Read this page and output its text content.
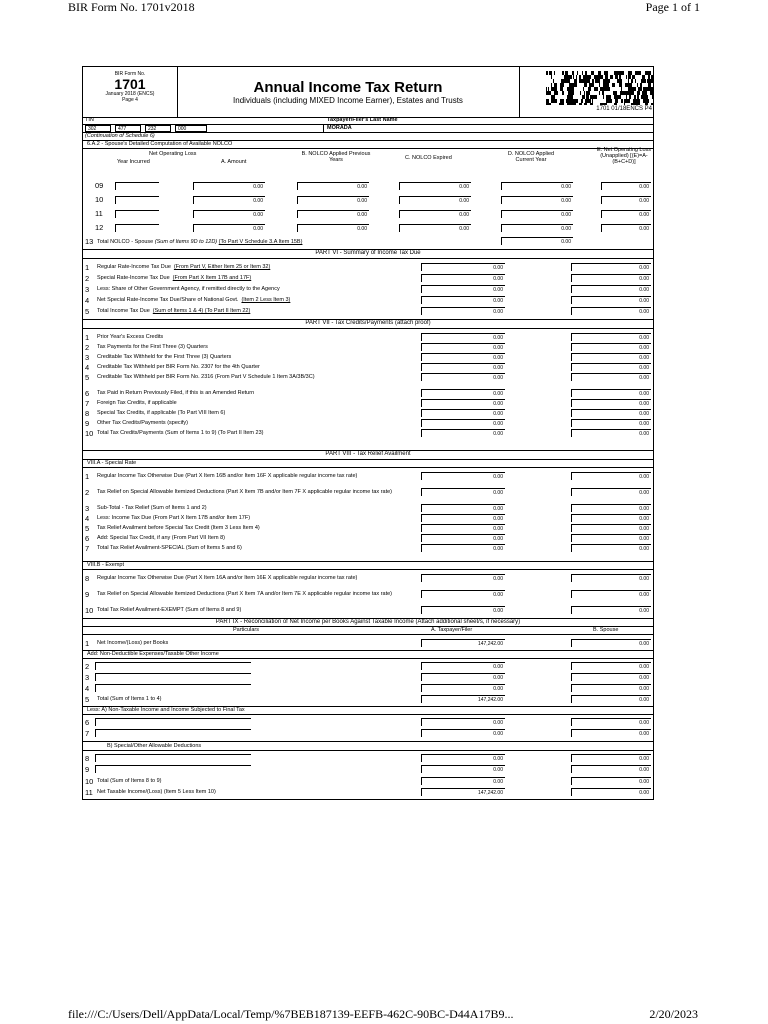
BIR Form No. 1701v2018	Page 1 of 1
BIR Form No.
1701
January 2018 (ENCS)
Page 4
Annual Income Tax Return
Individuals (including MIXED Income Earner), Estates and Trusts
1701 01/18ENCS P4
TIN	Taxpayer/Filer's Last Name
302	477	232	000	MORADA
(Continuation of Schedule 6)
6.A.2 - Spouse's Detailed Computation of Available NOLCO
Net Operating Loss
Year Incurred	A. Amount
B. NOLCO Applied Previous Years	C. NOLCO Expired
D. NOLCO Applied Current Year
E. Net Operating Loss (Unapplied) [(E)=A-(B+C+D)]
09	0.00	0.00	0.00	0.00	0.00
10	0.00	0.00	0.00	0.00	0.00
11	0.00	0.00	0.00	0.00	0.00
12	0.00	0.00	0.00	0.00	0.00
13 Total NOLCO - Spouse (Sum of Items 9D to 12D) (To Part V Schedule 3.A Item 15B)	0.00
PART VI - Summary of Income Tax Due
1 Regular Rate-Income Tax Due (From Part V, Either Item 25 or Item 32)	0.00	0.00
2 Special Rate-Income Tax Due (From Part X Item 17B and 17F)	0.00	0.00
3 Less: Share of Other Government Agency, if remitted directly to the Agency	0.00	0.00
4 Net Special Rate-Income Tax Due/Share of National Govt. (Item 2 Less Item 3)	0.00	0.00
5 Total Income Tax Due (Sum of Items 1 & 4) (To Part II Item 22)	0.00	0.00
PART VII - Tax Credits/Payments (attach proof)
1 Prior Year's Excess Credits	0.00	0.00
2 Tax Payments for the First Three (3) Quarters	0.00	0.00
3 Creditable Tax Withheld for the First Three (3) Quarters	0.00	0.00
4 Creditable Tax Withheld per BIR Form No. 2307 for the 4th Quarter	0.00	0.00
5 Creditable Tax Withheld per BIR Form No. 2316 (From Part V Schedule 1 Item 3A/3B/3C)	0.00	0.00
6 Tax Paid in Return Previously Filed, if this is an Amended Return	0.00	0.00
7 Foreign Tax Credits, if applicable	0.00	0.00
8 Special Tax Credits, if applicable (To Part VIII Item 6)	0.00	0.00
9 Other Tax Credits/Payments (specify)	0.00	0.00
10 Total Tax Credits/Payments (Sum of Items 1 to 9) (To Part II Item 23)	0.00	0.00
PART VIII - Tax Relief Availment
VIII.A - Special Rate
1 Regular Income Tax Otherwise Due (Part X Item 16B and/or Item 16F X applicable regular income tax rate)	0.00	0.00
2 Tax Relief on Special Allowable Itemized Deductions (Part X Item 7B and/or Item 7F X applicable regular income tax rate)	0.00	0.00
3 Sub-Total - Tax Relief (Sum of Items 1 and 2)	0.00	0.00
4 Less: Income Tax Due (From Part X Item 17B and/or Item 17F)	0.00	0.00
5 Tax Relief Availment before Special Tax Credit (Item 3 Less Item 4)	0.00	0.00
6 Add: Special Tax Credit, if any (From Part VII Item 8)	0.00	0.00
7 Total Tax Relief Availment-SPECIAL (Sum of Items 5 and 6)	0.00	0.00
VIII.B - Exempt
8 Regular Income Tax Otherwise Due (Part X Item 16A and/or Item 16E X applicable regular income tax rate)	0.00	0.00
9 Tax Relief on Special Allowable Itemized Deductions (Part X Item 7A and/or Item 7E X applicable regular income tax rate)	0.00	0.00
10 Total Tax Relief Availment-EXEMPT (Sum of Items 8 and 9)	0.00	0.00
PART IX - Reconciliation of Net Income per Books Against Taxable Income (Attach additional sheet/s, if necessary)
Particulars	A. Taxpayer/Filer	B. Spouse
1 Net Income/(Loss) per Books	147,242.00	0.00
Add: Non-Deductible Expenses/Taxable Other Income
2	0.00	0.00
3	0.00	0.00
4	0.00	0.00
5 Total (Sum of Items 1 to 4)	147,242.00	0.00
Less: A) Non-Taxable Income and Income Subjected to Final Tax
6	0.00	0.00
7	0.00	0.00
B) Special/Other Allowable Deductions
8	0.00	0.00
9	0.00	0.00
10 Total (Sum of Items 8 to 9)	0.00	0.00
11 Net Taxable Income/(Loss) (Item 5 Less Item 10)	147,242.00	0.00
file:///C:/Users/Dell/AppData/Local/Temp/%7BEB187139-EEFB-462C-90BC-D44A17B9...	2/20/2023
